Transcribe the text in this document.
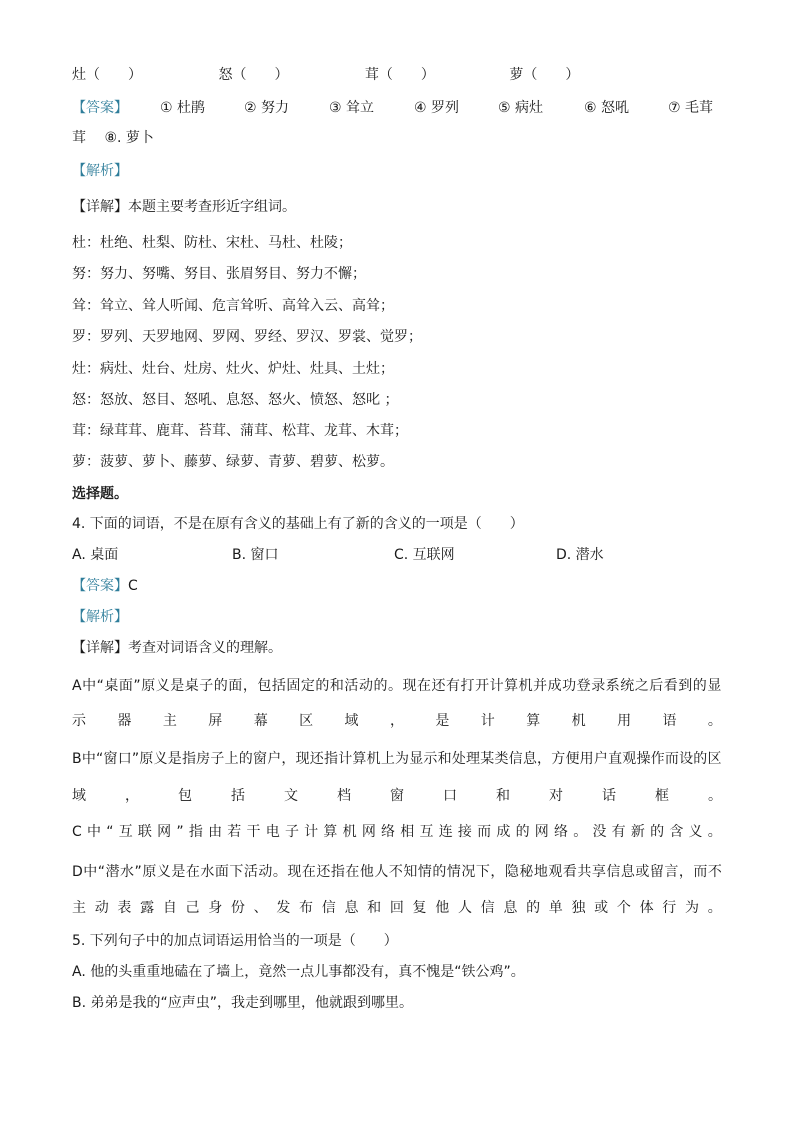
灶（　　）	怒（　　）	茸（　　）	萝（　　）
【答案】 ① 杜鹃	② 努力	③ 耸立	④ 罗列	⑤ 病灶	⑥ 怒吼	⑦ 毛茸
茸　 ⑧. 萝卜
【解析】
【详解】本题主要考查形近字组词。
杜：杜绝、杜梨、防杜、宋杜、马杜、杜陵；
努：努力、努嘴、努目、张眉努目、努力不懈；
耸：耸立、耸人听闻、危言耸听、高耸入云、高耸；
罗：罗列、天罗地网、罗网、罗经、罗汉、罗裳、觉罗；
灶：病灶、灶台、灶房、灶火、炉灶、灶具、土灶；
怒：怒放、怒目、怒吼、息怒、怒火、愤怒、怒叱 ；
茸：绿茸茸、鹿茸、苔茸、蒲茸、松茸、龙茸、木茸；
萝：菠萝、萝卜、藤萝、绿萝、青萝、碧萝、松萝。
选择题。
4. 下面的词语，不是在原有含义的基础上有了新的含义的一项是（　　）
A. 桌面	B. 窗口	C. 互联网	D. 潜水
【答案】C
【解析】
【详解】考查对词语含义的理解。
A 中 “ 桌 面 ” 原 义 是 桌 子 的 面 ， 包 括 固 定 的 和 活 动 的 。 现 在 还 有 打 开 计 算 机 并 成 功 登 录 系 统 之 后 看 到 的 显
示 器 主 屏 幕 区 域 ， 是 计 算 机 用 语 。
B 中 “ 窗 口 ” 原 义 是 指 房 子 上 的 窗 户 ， 现 还 指 计 算 机 上 为 显 示 和 处 理 某 类 信 息 ， 方 便 用 户 直 观 操 作 而 设 的 区
域	，	包	括	文	档	窗	口	和	对	话	框	。
C 中 “ 互 联 网 ” 指 由 若 干 电 子 计 算 机 网 络 相 互 连 接 而 成 的 网 络 。 没 有 新 的 含 义 。
D 中 “ 潜 水 ” 原 义 是 在 水 面 下 活 动 。 现 在 还 指 在 他 人 不 知 情 的 情 况 下 ， 隐 秘 地 观 看 共 享 信 息 或 留 言 ， 而 不
主 动 表 露 自 己 身 份 、 发 布 信 息 和 回 复 他 人 信 息 的 单 独 或 个 体 行 为 。
5. 下列句子中的加点词语运用恰当的一项是（　　）
A. 他的头重重地磕在了墙上，竟然一点儿事都没有，真不愧是“铁公鸡”。
B. 弟弟是我的“应声虫”，我走到哪里，他就跟到哪里。
